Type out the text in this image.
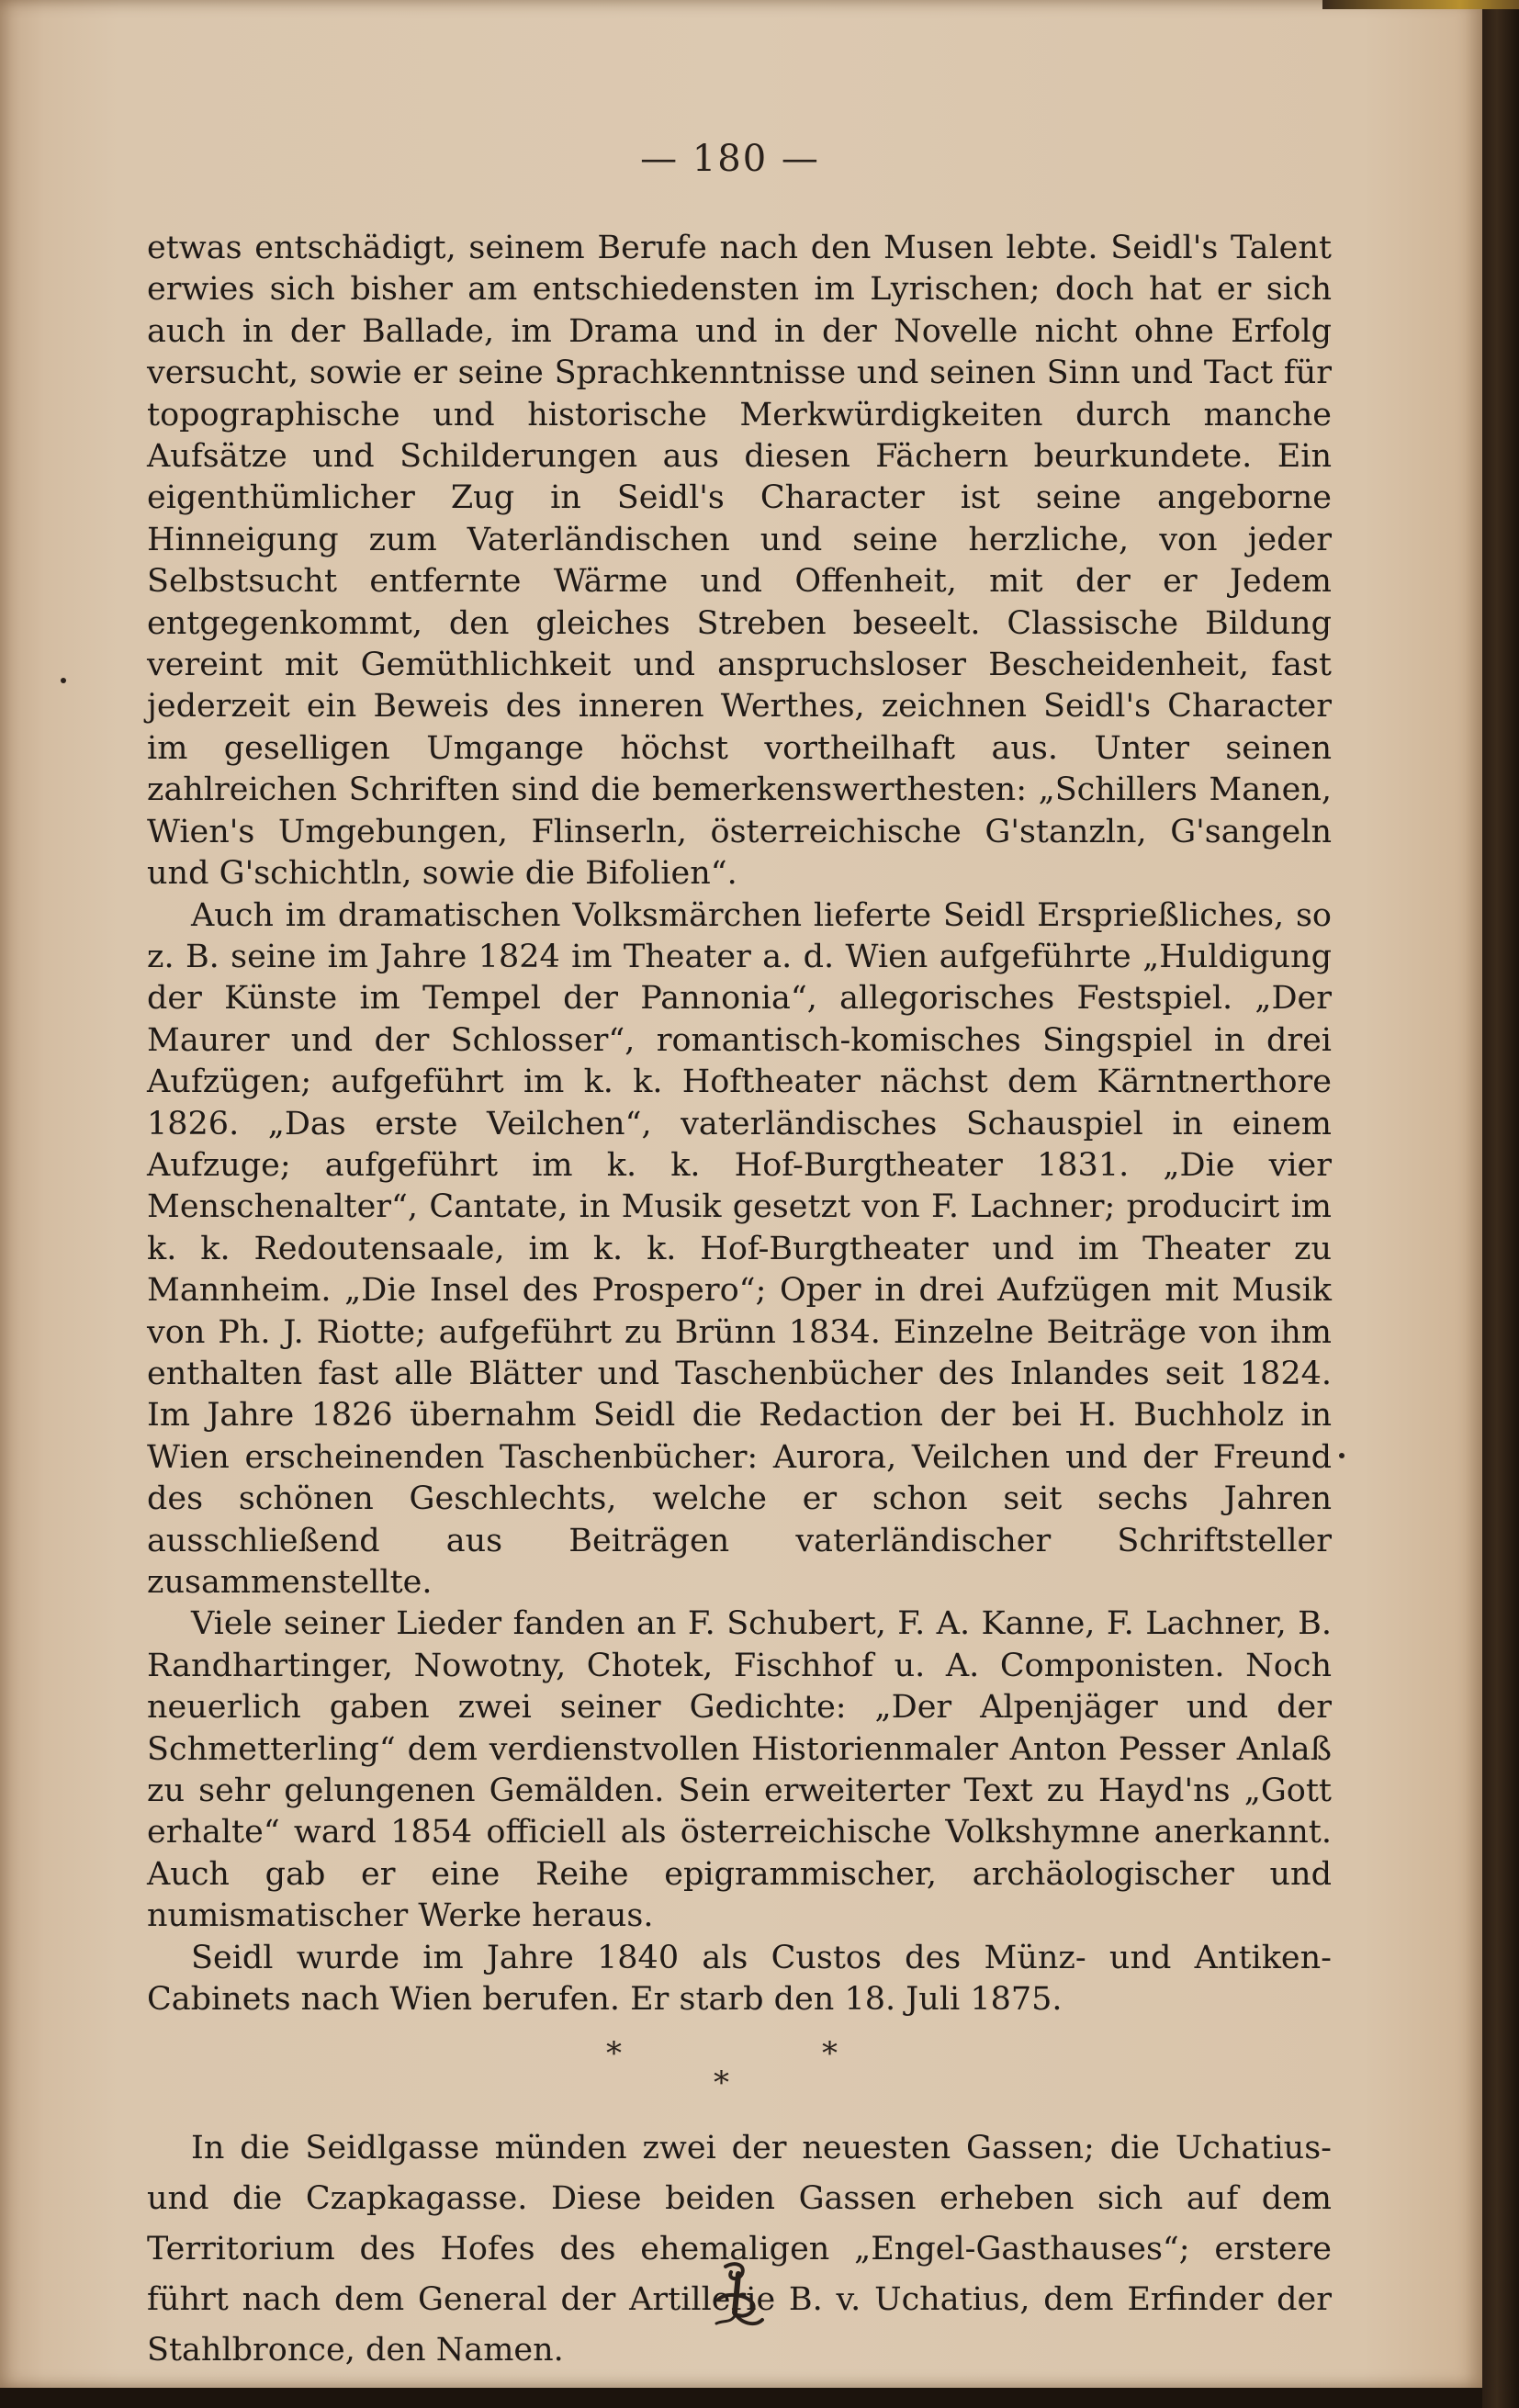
— 180 —

etwas entschädigt, seinem Berufe nach den Musen lebte. Seidl's Talent erwies sich bisher am entschiedensten im Lyrischen; doch hat er sich auch in der Ballade, im Drama und in der Novelle nicht ohne Erfolg versucht, sowie er seine Sprachkenntnisse und seinen Sinn und Tact für topographische und historische Merkwürdigkeiten durch manche Aufsätze und Schilderungen aus diesen Fächern beurkundete. Ein eigenthümlicher Zug in Seidl's Character ist seine angeborne Hinneigung zum Vaterländischen und seine herzliche, von jeder Selbstsucht entfernte Wärme und Offenheit, mit der er Jedem entgegenkommt, den gleiches Streben beseelt. Classische Bildung vereint mit Gemüthlichkeit und anspruchsloser Bescheidenheit, fast jederzeit ein Beweis des inneren Werthes, zeichnen Seidl's Character im geselligen Umgange höchst vortheilhaft aus. Unter seinen zahlreichen Schriften sind die bemerkenswerthesten: „Schillers Manen, Wien's Umgebungen, Flinserln, österreichische G'stanzln, G'sangeln und G'schichtln, sowie die Bifolien“.

Auch im dramatischen Volksmärchen lieferte Seidl Ersprießliches, so z. B. seine im Jahre 1824 im Theater a. d. Wien aufgeführte „Huldigung der Künste im Tempel der Pannonia“, allegorisches Festspiel. „Der Maurer und der Schlosser“, romantisch-komisches Singspiel in drei Aufzügen; aufgeführt im k. k. Hoftheater nächst dem Kärntnerthore 1826. „Das erste Veilchen“, vaterländisches Schauspiel in einem Aufzuge; aufgeführt im k. k. Hof-Burgtheater 1831. „Die vier Menschenalter“, Cantate, in Musik gesetzt von F. Lachner; producirt im k. k. Redoutensaale, im k. k. Hof-Burgtheater und im Theater zu Mannheim. „Die Insel des Prospero“; Oper in drei Aufzügen mit Musik von Ph. J. Riotte; aufgeführt zu Brünn 1834. Einzelne Beiträge von ihm enthalten fast alle Blätter und Taschenbücher des Inlandes seit 1824. Im Jahre 1826 übernahm Seidl die Redaction der bei H. Buchholz in Wien erscheinenden Taschenbücher: Aurora, Veilchen und der Freund des schönen Geschlechts, welche er schon seit sechs Jahren ausschließend aus Beiträgen vaterländischer Schriftsteller zusammenstellte.

Viele seiner Lieder fanden an F. Schubert, F. A. Kanne, F. Lachner, B. Randhartinger, Nowotny, Chotek, Fischhof u. A. Componisten. Noch neuerlich gaben zwei seiner Gedichte: „Der Alpenjäger und der Schmetterling“ dem verdienstvollen Historienmaler Anton Pesser Anlaß zu sehr gelungenen Gemälden. Sein erweiterter Text zu Hayd'ns „Gott erhalte“ ward 1854 officiell als österreichische Volkshymne anerkannt. Auch gab er eine Reihe epigrammischer, archäologischer und numismatischer Werke heraus.

Seidl wurde im Jahre 1840 als Custos des Münz- und Antiken-Cabinets nach Wien berufen. Er starb den 18. Juli 1875.

*	*
*

In die Seidlgasse münden zwei der neuesten Gassen; die Uchatius- und die Czapkagasse. Diese beiden Gassen erheben sich auf dem Territorium des Hofes des ehemaligen „Engel-Gasthauses“; erstere führt nach dem General der Artillerie B. v. Uchatius, dem Erfinder der Stahlbronce, den Namen.
